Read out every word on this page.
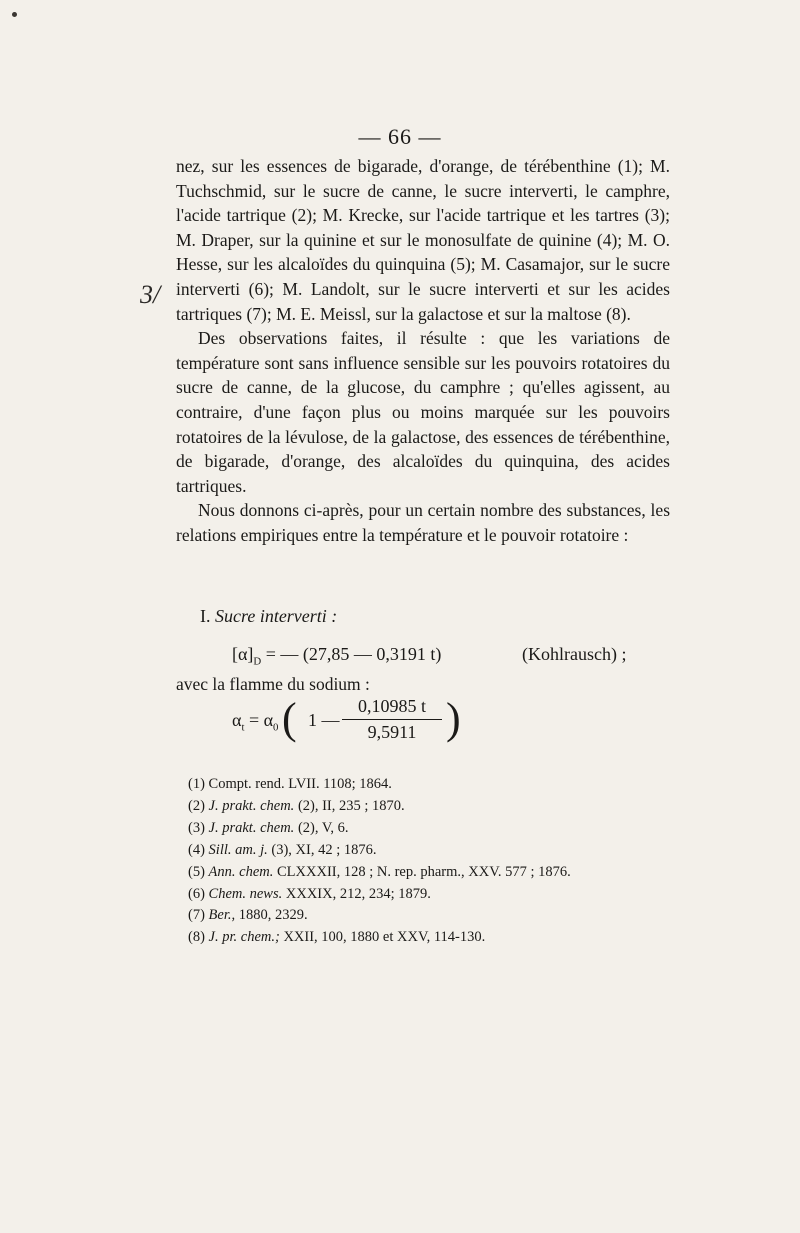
— 66 —
3/

nez, sur les essences de bigarade, d'orange, de térébenthine (1); M. Tuchschmid, sur le sucre de canne, le sucre interverti, le camphre, l'acide tartrique (2); M. Krecke, sur l'acide tartrique et les tartres (3); M. Draper, sur la quinine et sur le monosulfate de quinine (4); M. O. Hesse, sur les alcaloïdes du quinquina (5); M. Casamajor, sur le sucre interverti (6); M. Landolt, sur le sucre interverti et sur les acides tartriques (7); M. E. Meissl, sur la galactose et sur la maltose (8).

Des observations faites, il résulte : que les variations de température sont sans influence sensible sur les pouvoirs rotatoires du sucre de canne, de la glucose, du camphre ; qu'elles agissent, au contraire, d'une façon plus ou moins marquée sur les pouvoirs rotatoires de la lévulose, de la galactose, des essences de térébenthine, de bigarade, d'orange, des alcaloïdes du quinquina, des acides tartriques.

Nous donnons ci-après, pour un certain nombre des substances, les relations empiriques entre la température et le pouvoir rotatoire :

I. Sucre interverti :
$[\alpha]_D$ = — (27,85 — 0,3191 t)	(Kohlrausch) ;
avec la flamme du sodium :
$\alpha_t = \alpha_0$ ( 1 —
0,10985 t
9,5911 )
(1) Compt. rend. LVII. 1108; 1864.
(2) J. prakt. chem. (2), II, 235 ; 1870.
(3) J. prakt. chem. (2), V, 6.
(4) Sill. am. j. (3), XI, 42 ; 1876.
(5) Ann. chem. CLXXXII, 128 ; N. rep. pharm., XXV. 577 ; 1876.
(6) Chem. news. XXXIX, 212, 234; 1879.
(7) Ber., 1880, 2329.
(8) J. pr. chem.; XXII, 100, 1880 et XXV, 114-130.
